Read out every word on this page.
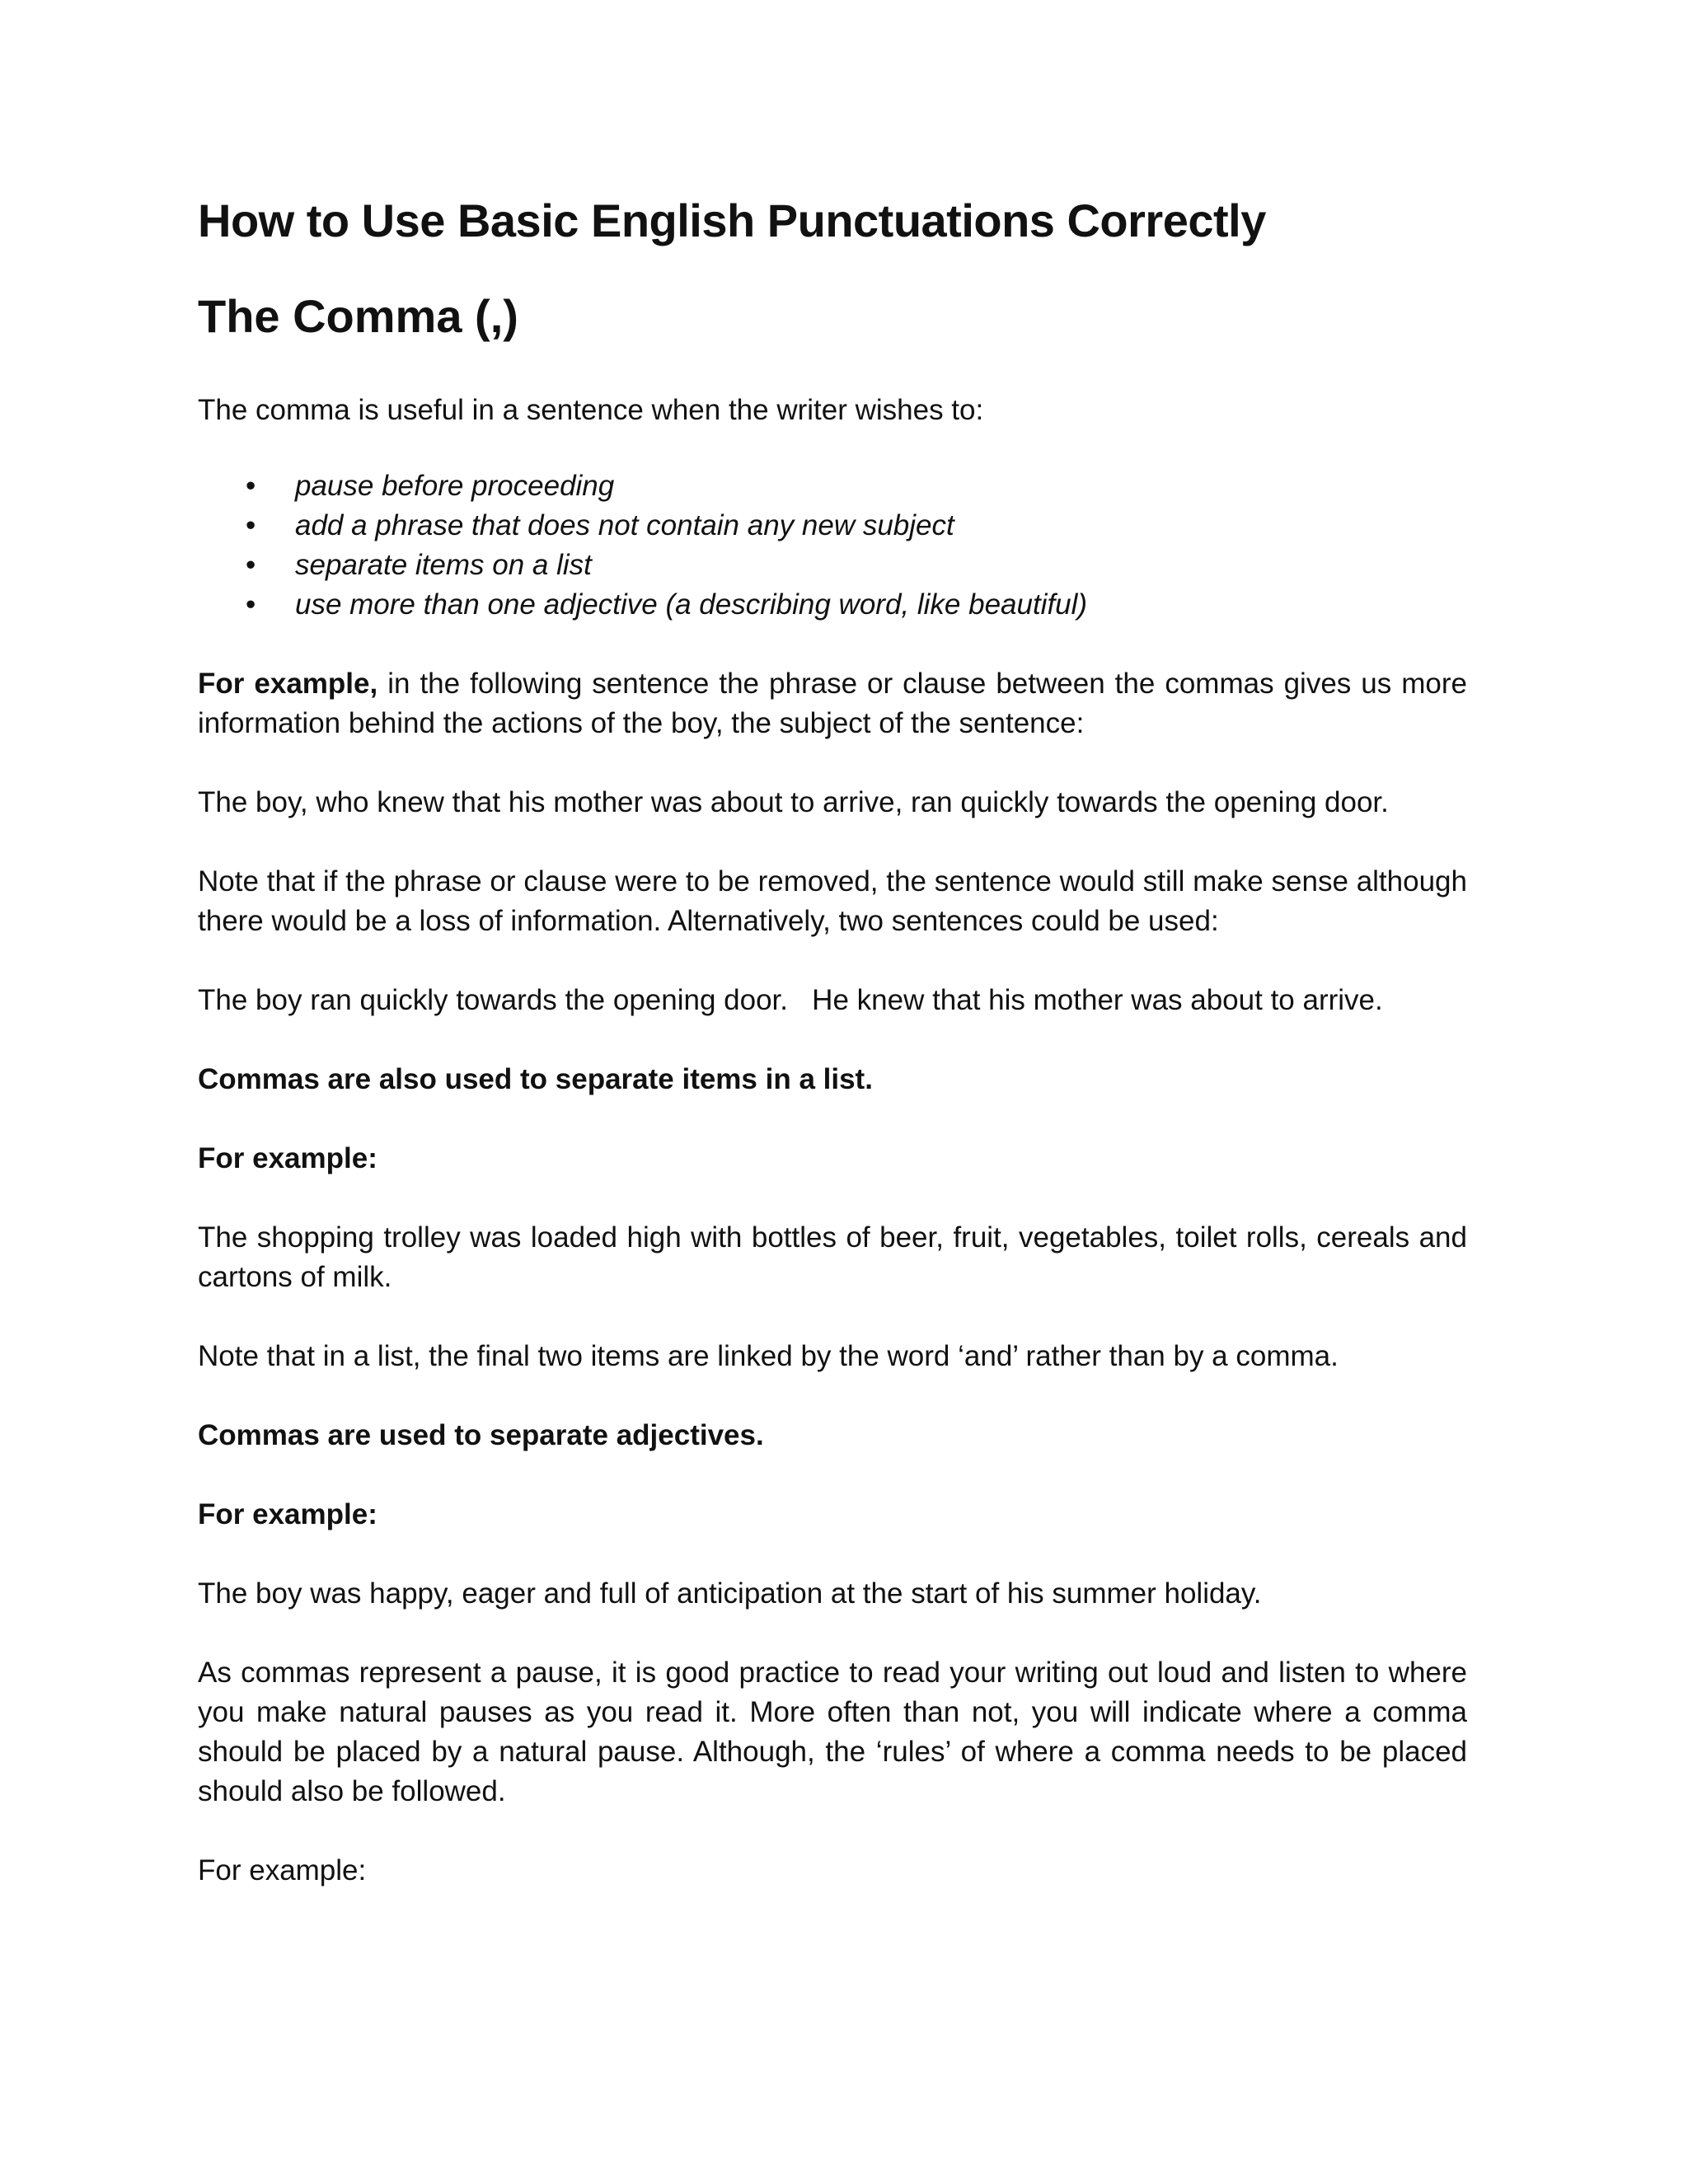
How to Use Basic English Punctuations Correctly
The Comma (,)

The comma is useful in a sentence when the writer wishes to:

• pause before proceeding
• add a phrase that does not contain any new subject
• separate items on a list
• use more than one adjective (a describing word, like beautiful)

For example, in the following sentence the phrase or clause between the commas gives us more information behind the actions of the boy, the subject of the sentence:

The boy, who knew that his mother was about to arrive, ran quickly towards the opening door.

Note that if the phrase or clause were to be removed, the sentence would still make sense although there would be a loss of information. Alternatively, two sentences could be used:

The boy ran quickly towards the opening door.   He knew that his mother was about to arrive.

Commas are also used to separate items in a list.

For example:

The shopping trolley was loaded high with bottles of beer, fruit, vegetables, toilet rolls, cereals and cartons of milk.

Note that in a list, the final two items are linked by the word ‘and’ rather than by a comma.

Commas are used to separate adjectives.

For example:

The boy was happy, eager and full of anticipation at the start of his summer holiday.

As commas represent a pause, it is good practice to read your writing out loud and listen to where you make natural pauses as you read it. More often than not, you will indicate where a comma should be placed by a natural pause. Although, the ‘rules’ of where a comma needs to be placed should also be followed.

For example:
